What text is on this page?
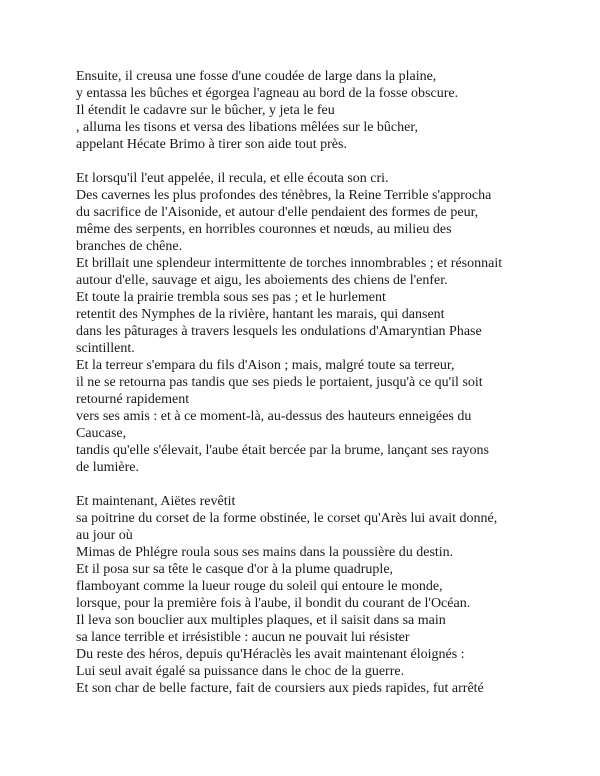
Ensuite, il creusa une fosse d'une coudée de large dans la plaine,
y entassa les bûches et égorgea l'agneau au bord de la fosse obscure.
Il étendit le cadavre sur le bûcher, y jeta le feu
, alluma les tisons et versa des libations mêlées sur le bûcher,
appelant Hécate Brimo à tirer son aide tout près.
Et lorsqu'il l'eut appelée, il recula, et elle écouta son cri.
Des cavernes les plus profondes des ténèbres, la Reine Terrible s'approcha
du sacrifice de l'Aisonide, et autour d'elle pendaient des formes de peur,
même des serpents, en horribles couronnes et nœuds, au milieu des
branches de chêne.
Et brillait une splendeur intermittente de torches innombrables ; et résonnait
autour d'elle, sauvage et aigu, les aboiements des chiens de l'enfer.
Et toute la prairie trembla sous ses pas ; et le hurlement
retentit des Nymphes de la rivière, hantant les marais, qui dansent
dans les pâturages à travers lesquels les ondulations d'Amaryntian Phase
scintillent.
Et la terreur s'empara du fils d'Aison ; mais, malgré toute sa terreur,
il ne se retourna pas tandis que ses pieds le portaient, jusqu'à ce qu'il soit
retourné rapidement
vers ses amis : et à ce moment-là, au-dessus des hauteurs enneigées du
Caucase,
tandis qu'elle s'élevait, l'aube était bercée par la brume, lançant ses rayons
de lumière.
Et maintenant, Aiëtes revêtit
sa poitrine du corset de la forme obstinée, le corset qu'Arès lui avait donné,
au jour où
Mimas de Phlégre roula sous ses mains dans la poussière du destin.
Et il posa sur sa tête le casque d'or à la plume quadruple,
flamboyant comme la lueur rouge du soleil qui entoure le monde,
lorsque, pour la première fois à l'aube, il bondit du courant de l'Océan.
Il leva son bouclier aux multiples plaques, et il saisit dans sa main
sa lance terrible et irrésistible : aucun ne pouvait lui résister
Du reste des héros, depuis qu'Héraclès les avait maintenant éloignés :
Lui seul avait égalé sa puissance dans le choc de la guerre.
Et son char de belle facture, fait de coursiers aux pieds rapides, fut arrêté
